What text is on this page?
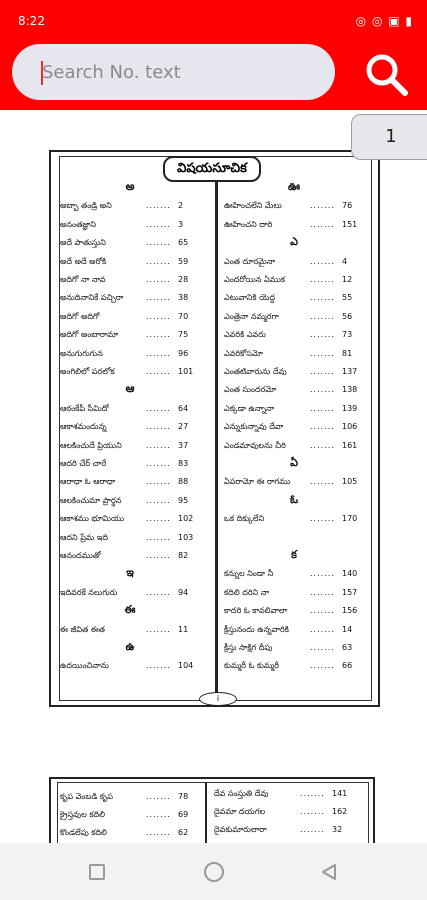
8:22	◎ ◎ ▣ ▮
Search No. text
విషయసూచిక
అ
అబ్బా తండ్రి అని	....... 2
అనంతజ్ఞాని	....... 3
అదే పాతుస్తుని	....... 65
అదే అదే అరోకి	....... 59
అదిగో నా నావ	....... 28
అనుదినానికే పచ్చిరా	....... 38
అదిగో అదిగో	....... 70
అదిగో అంబారామా	....... 75
అనుగుగుగున	....... 96
అంగిలిలో పరలోక	....... 101
ఆ
ఆఠంకేపీ సీమిదో	....... 64
ఆకాశమందున్న	....... 27
ఆలకించుదే ప్రియుని	....... 37
ఆదరి చేర్ చారే	....... 83
ఆరాధా ఓ ఆరాధా	....... 88
ఆలకించుమా ప్రార్థన	....... 95
ఆకాశము భూమియు	....... 102
ఆదని ప్రేమ ఇది	....... 103
ఆనందముతో	....... 82
ఇ
ఇదివరకే నలుగురు	....... 94
ఈ
ఈ జీవిత ఈత	....... 11
ఉ
ఉదయించినాను	....... 104
ఊ
ఊహించలేని మేలు	....... 76
ఊహించని దారి	....... 151
ఎ
ఎంత దూరమైనా	....... 4
ఎందరోయిన ఏముక	....... 12
ఎటువానికి యెద్ద	....... 55
ఎంత్రెనా నమ్మరగా	....... 56
ఎవరికి ఎవరు	....... 73
ఎవరికోసమో	....... 81
ఎంతటివారును దేవు	....... 137
ఎంత సుందరమో	....... 138
ఎక్కడా ఉన్నానా	....... 139
ఎన్నుకున్నావు దేవా	....... 106
ఎండమావులను చీరి	....... 161
ఏ
ఏపరామో ఈ రాగము ....... 105
ఓ
ఒక దిక్కులేని	....... 170
క
కన్నుల నిండా నీ	....... 140
కదిలి దరిని నా	....... 157
కాదరి ఓ కావలివాలా	....... 156
క్రీస్తునందు ఉన్నవారికి	....... 14
క్రీస్తు సాక్షిగ దీపు	....... 63
కుమ్మరీ ఓ కుమ్మరీ	....... 66
i
1
కృప వెంబడి కృప	....... 78
క్రైస్తవుల కదిలి	....... 69
కొండలేపు కదిలి	....... 62
దేవ సంస్తుతి దేవు	....... 141
దైవమా దయగల	....... 162
దైవకుమారులారా	....... 32
